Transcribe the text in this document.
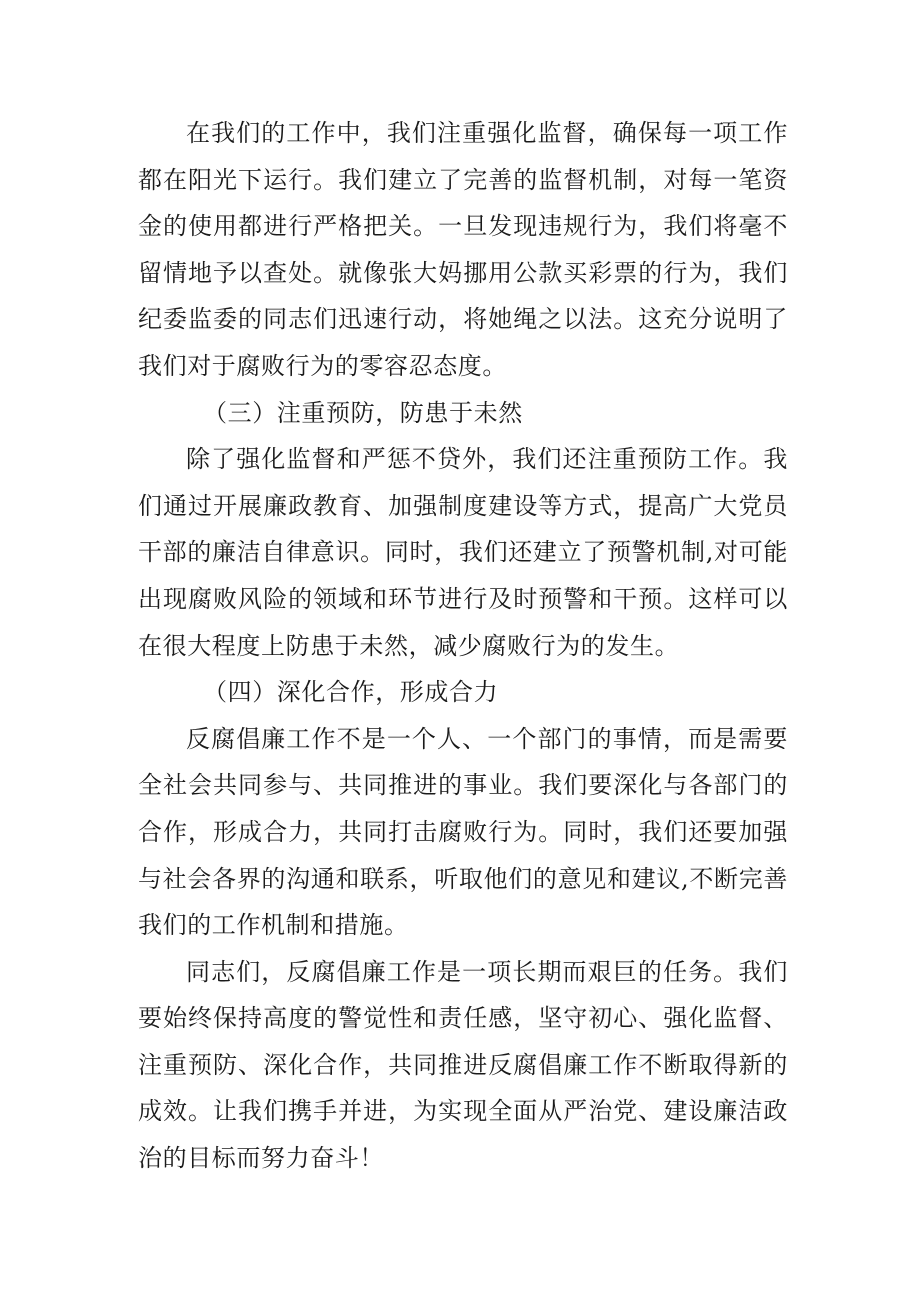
在我们的工作中，我们注重强化监督，确保每一项工作都在阳光下运行。我们建立了完善的监督机制，对每一笔资金的使用都进行严格把关。一旦发现违规行为，我们将毫不留情地予以查处。就像张大妈挪用公款买彩票的行为，我们纪委监委的同志们迅速行动，将她绳之以法。这充分说明了我们对于腐败行为的零容忍态度。

（三）注重预防，防患于未然

除了强化监督和严惩不贷外，我们还注重预防工作。我们通过开展廉政教育、加强制度建设等方式，提高广大党员干部的廉洁自律意识。同时，我们还建立了预警机制,对可能出现腐败风险的领域和环节进行及时预警和干预。这样可以在很大程度上防患于未然，减少腐败行为的发生。

（四）深化合作，形成合力

反腐倡廉工作不是一个人、一个部门的事情，而是需要全社会共同参与、共同推进的事业。我们要深化与各部门的合作，形成合力，共同打击腐败行为。同时，我们还要加强与社会各界的沟通和联系，听取他们的意见和建议,不断完善我们的工作机制和措施。

同志们，反腐倡廉工作是一项长期而艰巨的任务。我们要始终保持高度的警觉性和责任感，坚守初心、强化监督、注重预防、深化合作，共同推进反腐倡廉工作不断取得新的成效。让我们携手并进，为实现全面从严治党、建设廉洁政治的目标而努力奋斗！
